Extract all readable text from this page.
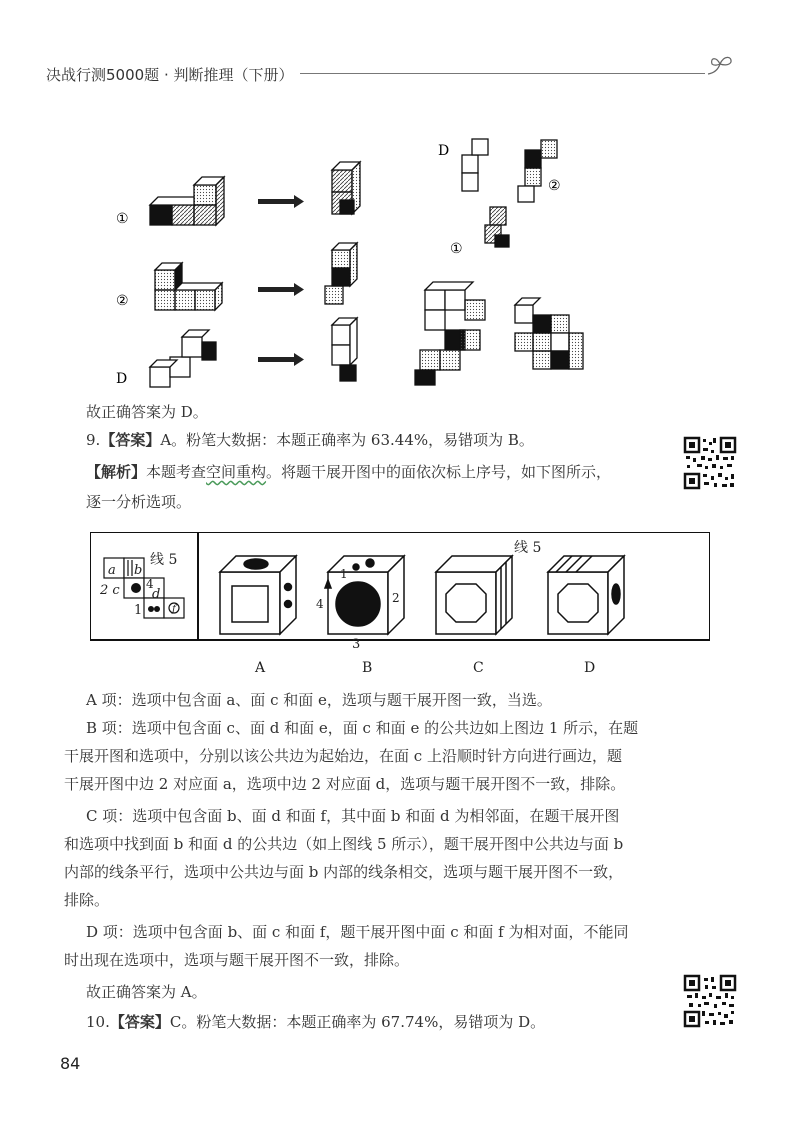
决战行测5000题 · 判断推理（下册）
①
②
D
D
②
①
故正确答案为 D。
9.【答案】A。粉笔大数据：本题正确率为 63.44%，易错项为 B。
【解析】本题考查空间重构。将题干展开图中的面依次标上序号，如下图所示，
逐一分析选项。
线 5
a b
2 c 4
d
1	f
1
2
3
4
线 5
A	B	C	D
A 项：选项中包含面 a、面 c 和面 e，选项与题干展开图一致，当选。
B 项：选项中包含面 c、面 d 和面 e，面 c 和面 e 的公共边如上图边 1 所示，在题
干展开图和选项中，分别以该公共边为起始边，在面 c 上沿顺时针方向进行画边，题
干展开图中边 2 对应面 a，选项中边 2 对应面 d，选项与题干展开图不一致，排除。
C 项：选项中包含面 b、面 d 和面 f，其中面 b 和面 d 为相邻面，在题干展开图
和选项中找到面 b 和面 d 的公共边（如上图线 5 所示），题干展开图中公共边与面 b
内部的线条平行，选项中公共边与面 b 内部的线条相交，选项与题干展开图不一致，
排除。
D 项：选项中包含面 b、面 c 和面 f，题干展开图中面 c 和面 f 为相对面，不能同
时出现在选项中，选项与题干展开图不一致，排除。
故正确答案为 A。
10.【答案】C。粉笔大数据：本题正确率为 67.74%，易错项为 D。
84
